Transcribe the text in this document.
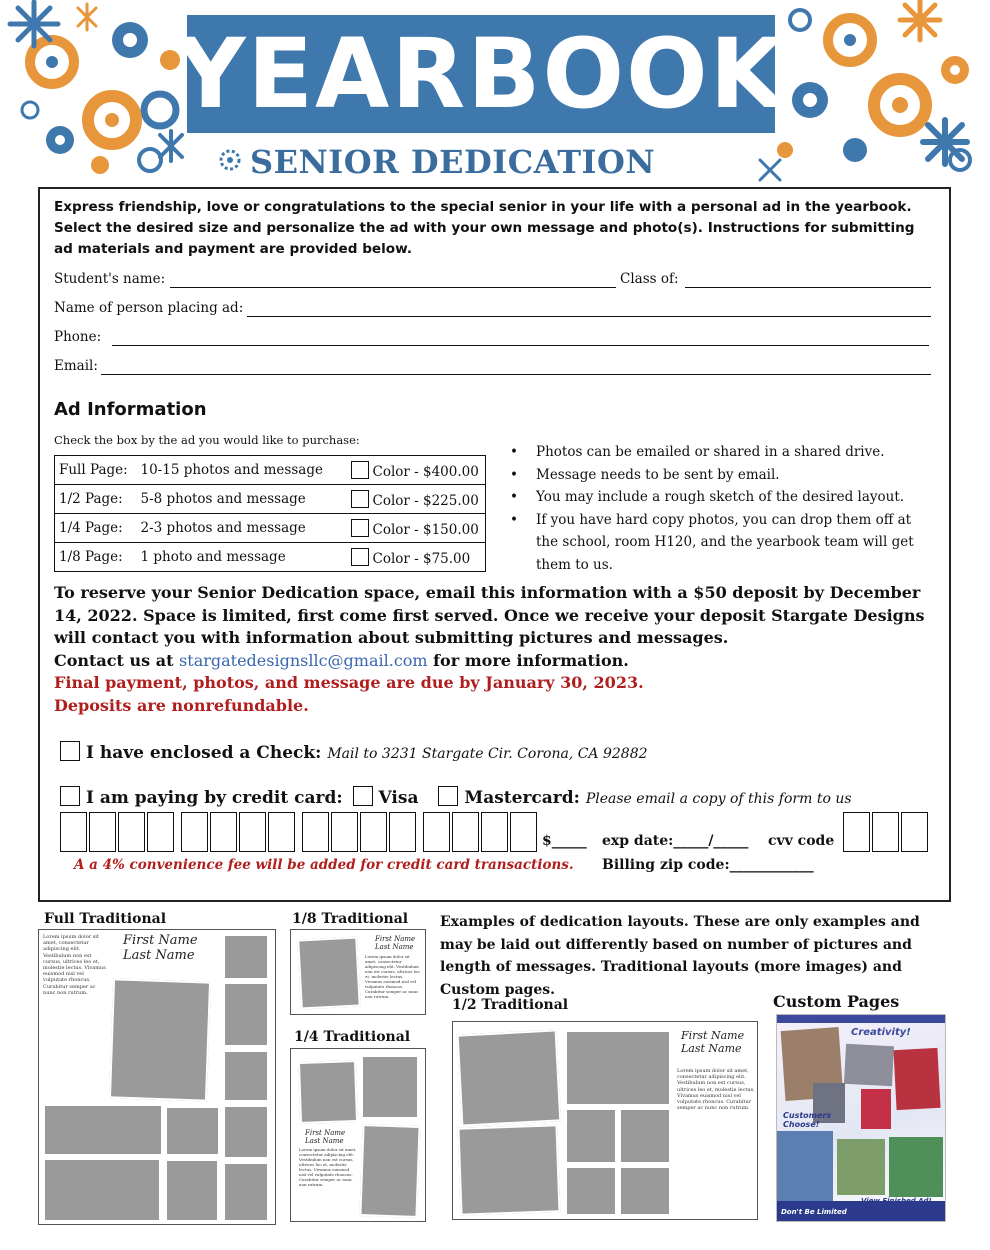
YEARBOOK
SENIOR DEDICATION
Express friendship, love or congratulations to the special senior in your life with a personal ad in the yearbook. Select the desired size and personalize the ad with your own message and photo(s). Instructions for submitting ad materials and payment are provided below.
Student's name:	Class of:
Name of person placing ad:
Phone:
Email:
Ad Information
Check the box by the ad you would like to purchase:
Full Page:	10-15 photos and message	Color - $400.00
1/2 Page:	5-8 photos and message	Color - $225.00
1/4 Page:	2-3 photos and message	Color - $150.00
1/8 Page:	1 photo and message	Color - $75.00
• Photos can be emailed or shared in a shared drive.
• Message needs to be sent by email.
• You may include a rough sketch of the desired layout.
• If you have hard copy photos, you can drop them off at the school, room H120, and the yearbook team will get them to us.
To reserve your Senior Dedication space, email this information with a $50 deposit by December 14, 2022. Space is limited, first come first served. Once we receive your deposit Stargate Designs will contact you with information about submitting pictures and messages.
Contact us at stargatedesignsllc@gmail.com for more information.
Final payment, photos, and message are due by January 30, 2023.
Deposits are nonrefundable.
I have enclosed a Check: Mail to 3231 Stargate Cir. Corona, CA 92882
I am paying by credit card: Visa	Mastercard: Please email a copy of this form to us
$_____ exp date:_____/_____ cvv code
Billing zip code:____________
A a 4% convenience fee will be added for credit card transactions.
Full Traditional
Lorem ipsum dolor sit amet, consectetur adipiscing elit. Vestibulum non est cursus, ultrices leo et, molestie lectus. Vivamus euismod nisl vel vulputate rhoncus. Curabitur semper ac nunc non rutrum.
First Name
Last Name
1/8 Traditional
First Name
Last Name
Lorem ipsum dolor sit amet, consectetur adipiscing elit. Vestibulum non est cursus, ultrices leo et, molestie lectus. Vivamus euismod nisl vel vulputate rhoncus. Curabitur semper ac nunc non rutrum.
1/4 Traditional
First Name
Last Name
Lorem ipsum dolor sit amet, consectetur adipiscing elit. Vestibulum non est cursus, ultrices leo et, molestie lectus. Vivamus euismod nisl vel vulputate rhoncus. Curabitur semper ac nunc non rutrum.
1/2 Traditional
First Name
Last Name
Lorem ipsum dolor sit amet, consectetur adipiscing elit. Vestibulum non est cursus, ultrices leo et, molestie lectus. Vivamus euismod nisl vel vulputate rhoncus. Curabitur semper ac nunc non rutrum.
Examples of dedication layouts. These are only examples and may be laid out differently based on number of pictures and length of messages. Traditional layouts (more images) and Custom pages.
Custom Pages
Creativity!
Customers Choose!
View Finished Ad!
Don't Be Limited
